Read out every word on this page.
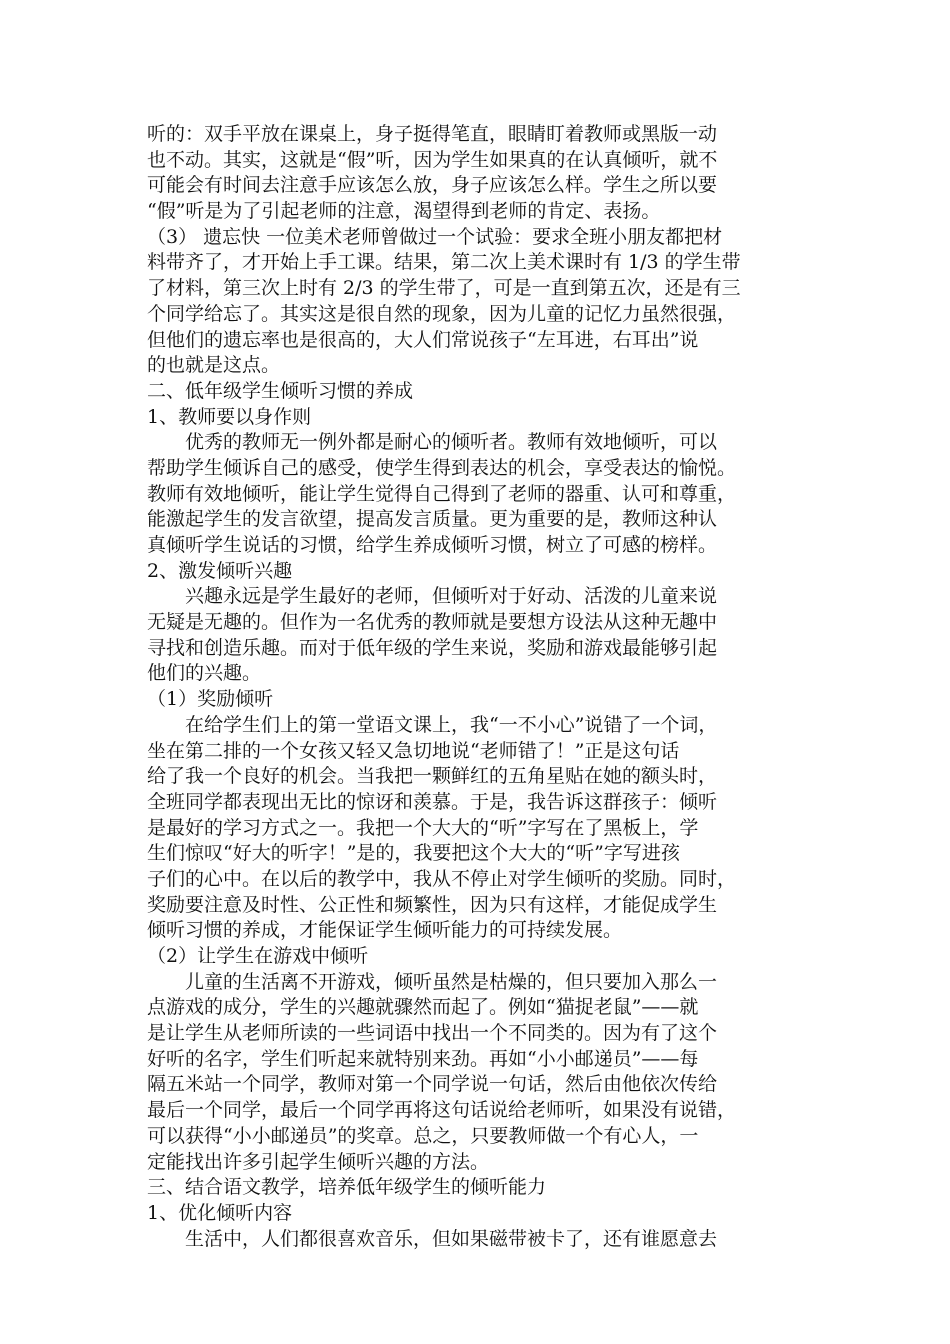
听的：双手平放在课桌上，身子挺得笔直，眼睛盯着教师或黑版一动
也不动。其实，这就是“假”听，因为学生如果真的在认真倾听，就不
可能会有时间去注意手应该怎么放，身子应该怎么样。学生之所以要
“假”听是为了引起老师的注意，渴望得到老师的肯定、表扬。
（3） 遗忘快 一位美术老师曾做过一个试验：要求全班小朋友都把材
料带齐了，才开始上手工课。结果，第二次上美术课时有 1/3 的学生带
了材料，第三次上时有 2/3 的学生带了，可是一直到第五次，还是有三
个同学给忘了。其实这是很自然的现象，因为儿童的记忆力虽然很强，
但他们的遗忘率也是很高的，大人们常说孩子“左耳进，右耳出”说
的也就是这点。
二、低年级学生倾听习惯的养成
1、教师要以身作则
优秀的教师无一例外都是耐心的倾听者。教师有效地倾听，可以
帮助学生倾诉自己的感受，使学生得到表达的机会，享受表达的愉悦。
教师有效地倾听，能让学生觉得自己得到了老师的器重、认可和尊重，
能激起学生的发言欲望，提高发言质量。更为重要的是，教师这种认
真倾听学生说话的习惯，给学生养成倾听习惯，树立了可感的榜样。
2、激发倾听兴趣
兴趣永远是学生最好的老师，但倾听对于好动、活泼的儿童来说
无疑是无趣的。但作为一名优秀的教师就是要想方设法从这种无趣中
寻找和创造乐趣。而对于低年级的学生来说，奖励和游戏最能够引起
他们的兴趣。
（1）奖励倾听
在给学生们上的第一堂语文课上，我“一不小心”说错了一个词，
坐在第二排的一个女孩又轻又急切地说“老师错了！”正是这句话
给了我一个良好的机会。当我把一颗鲜红的五角星贴在她的额头时，
全班同学都表现出无比的惊讶和羡慕。于是，我告诉这群孩子：倾听
是最好的学习方式之一。我把一个大大的“听”字写在了黑板上，学
生们惊叹“好大的听字！”是的，我要把这个大大的“听”字写进孩
子们的心中。在以后的教学中，我从不停止对学生倾听的奖励。同时，
奖励要注意及时性、公正性和频繁性，因为只有这样，才能促成学生
倾听习惯的养成，才能保证学生倾听能力的可持续发展。
（2）让学生在游戏中倾听
儿童的生活离不开游戏，倾听虽然是枯燥的，但只要加入那么一
点游戏的成分，学生的兴趣就骤然而起了。例如“猫捉老鼠”——就
是让学生从老师所读的一些词语中找出一个不同类的。因为有了这个
好听的名字，学生们听起来就特别来劲。再如“小小邮递员”——每
隔五米站一个同学，教师对第一个同学说一句话，然后由他依次传给
最后一个同学，最后一个同学再将这句话说给老师听，如果没有说错，
可以获得“小小邮递员”的奖章。总之，只要教师做一个有心人，一
定能找出许多引起学生倾听兴趣的方法。
三、结合语文教学，培养低年级学生的倾听能力
1、优化倾听内容
生活中，人们都很喜欢音乐，但如果磁带被卡了，还有谁愿意去
